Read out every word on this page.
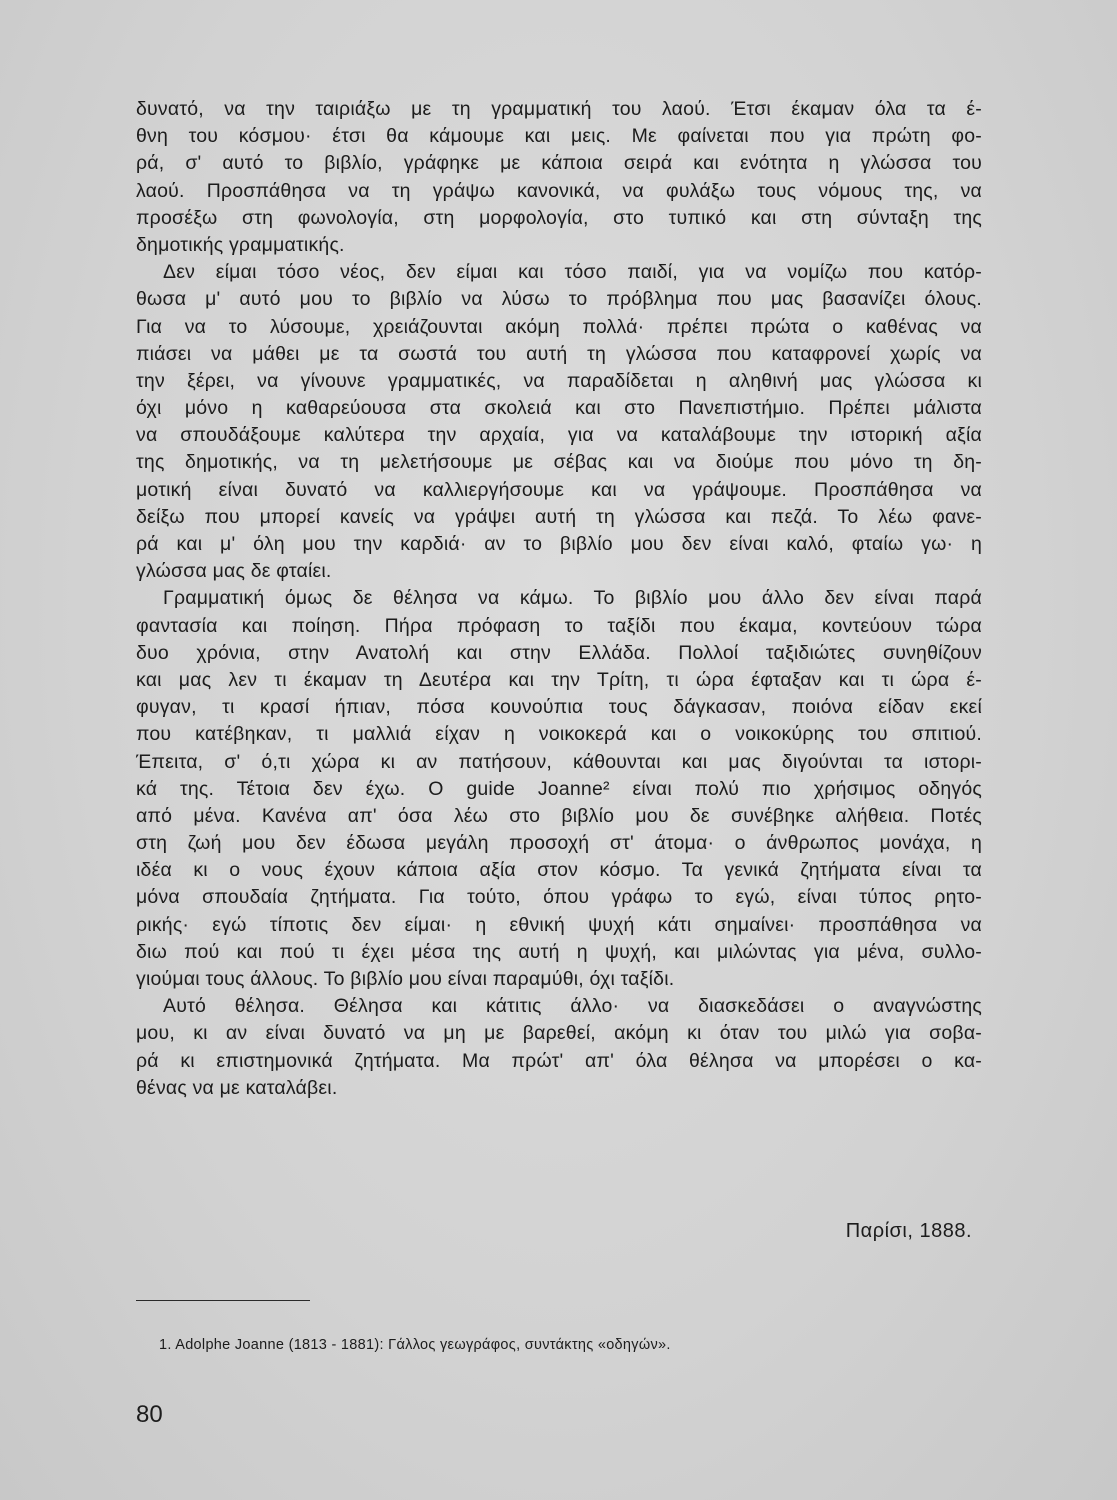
δυνατό, να την ταιριάξω με τη γραμματική του λαού. Έτσι έκαμαν όλα τα έ-
θνη του κόσμου· έτσι θα κάμουμε και μεις. Με φαίνεται που για πρώτη φο-
ρά, σ' αυτό το βιβλίο, γράφηκε με κάποια σειρά και ενότητα η γλώσσα του
λαού. Προσπάθησα να τη γράψω κανονικά, να φυλάξω τους νόμους της, να
προσέξω στη φωνολογία, στη μορφολογία, στο τυπικό και στη σύνταξη της
δημοτικής γραμματικής.
Δεν είμαι τόσο νέος, δεν είμαι και τόσο παιδί, για να νομίζω που κατόρ-
θωσα μ' αυτό μου το βιβλίο να λύσω το πρόβλημα που μας βασανίζει όλους.
Για να το λύσουμε, χρειάζουνται ακόμη πολλά· πρέπει πρώτα ο καθένας να
πιάσει να μάθει με τα σωστά του αυτή τη γλώσσα που καταφρονεί χωρίς να
την ξέρει, να γίνουνε γραμματικές, να παραδίδεται η αληθινή μας γλώσσα κι
όχι μόνο η καθαρεύουσα στα σκολειά και στο Πανεπιστήμιο. Πρέπει μάλιστα
να σπουδάξουμε καλύτερα την αρχαία, για να καταλάβουμε την ιστορική αξία
της δημοτικής, να τη μελετήσουμε με σέβας και να διούμε που μόνο τη δη-
μοτική είναι δυνατό να καλλιεργήσουμε και να γράψουμε. Προσπάθησα να
δείξω που μπορεί κανείς να γράψει αυτή τη γλώσσα και πεζά. Το λέω φανε-
ρά και μ' όλη μου την καρδιά· αν το βιβλίο μου δεν είναι καλό, φταίω γω· η
γλώσσα μας δε φταίει.
Γραμματική όμως δε θέλησα να κάμω. Το βιβλίο μου άλλο δεν είναι παρά
φαντασία και ποίηση. Πήρα πρόφαση το ταξίδι που έκαμα, κοντεύουν τώρα
δυο χρόνια, στην Ανατολή και στην Ελλάδα. Πολλοί ταξιδιώτες συνηθίζουν
και μας λεν τι έκαμαν τη Δευτέρα και την Τρίτη, τι ώρα έφταξαν και τι ώρα έ-
φυγαν, τι κρασί ήπιαν, πόσα κουνούπια τους δάγκασαν, ποιόνα είδαν εκεί
που κατέβηκαν, τι μαλλιά είχαν η νοικοκερά και ο νοικοκύρης του σπιτιού.
Έπειτα, σ' ό,τι χώρα κι αν πατήσουν, κάθουνται και μας διγούνται τα ιστορι-
κά της. Τέτοια δεν έχω. Ο guide Joanne² είναι πολύ πιο χρήσιμος οδηγός
από μένα. Κανένα απ' όσα λέω στο βιβλίο μου δε συνέβηκε αλήθεια. Ποτές
στη ζωή μου δεν έδωσα μεγάλη προσοχή στ' άτομα· ο άνθρωπος μονάχα, η
ιδέα κι ο νους έχουν κάποια αξία στον κόσμο. Τα γενικά ζητήματα είναι τα
μόνα σπουδαία ζητήματα. Για τούτο, όπου γράφω το εγώ, είναι τύπος ρητο-
ρικής· εγώ τίποτις δεν είμαι· η εθνική ψυχή κάτι σημαίνει· προσπάθησα να
διω πού και πού τι έχει μέσα της αυτή η ψυχή, και μιλώντας για μένα, συλλο-
γιούμαι τους άλλους. Το βιβλίο μου είναι παραμύθι, όχι ταξίδι.
Αυτό θέλησα. Θέλησα και κάτιτις άλλο· να διασκεδάσει ο αναγνώστης
μου, κι αν είναι δυνατό να μη με βαρεθεί, ακόμη κι όταν του μιλώ για σοβα-
ρά κι επιστημονικά ζητήματα. Μα πρώτ' απ' όλα θέλησα να μπορέσει ο κα-
θένας να με καταλάβει.
Παρίσι, 1888.
1. Adolphe Joanne (1813 - 1881): Γάλλος γεωγράφος, συντάκτης «οδηγών».
80
